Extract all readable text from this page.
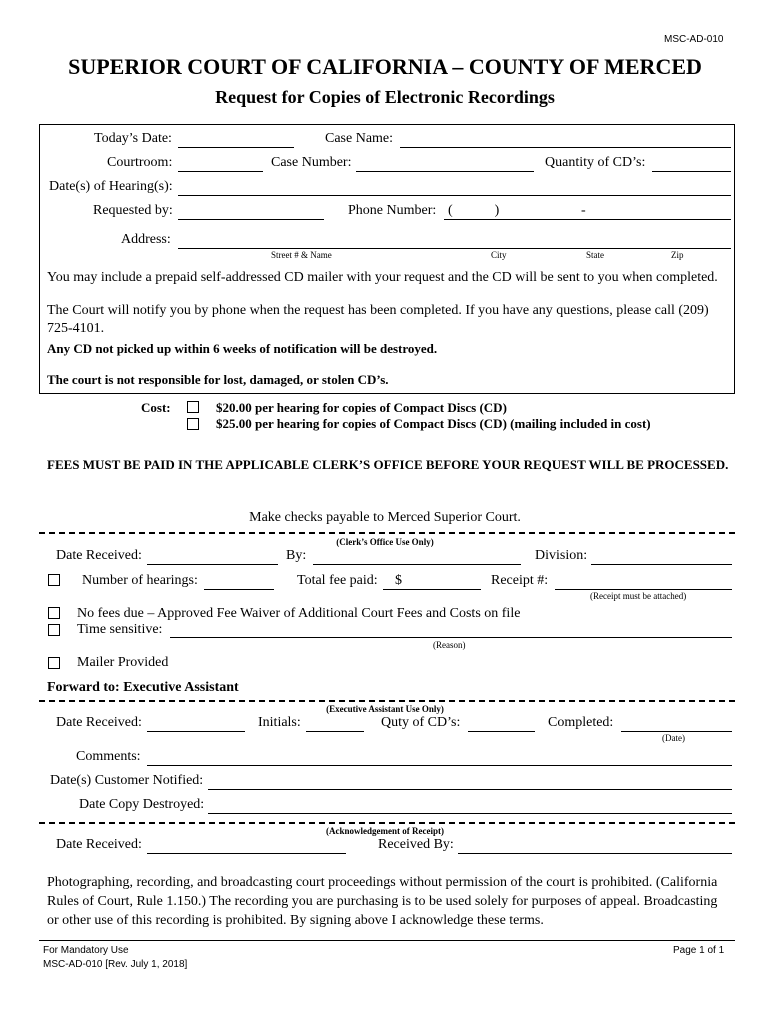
MSC-AD-010
SUPERIOR COURT OF CALIFORNIA – COUNTY OF MERCED
Request for Copies of Electronic Recordings
Today’s Date:	Case Name:
Courtroom:	Case Number:	Quantity of CD’s:
Date(s) of Hearing(s):
Requested by:	Phone Number: (            )	-
Address:
Street # & Name	City	State	Zip
You may include a prepaid self-addressed CD mailer with your request and the CD will be sent to you when completed.
The Court will notify you by phone when the request has been completed. If you have any questions, please call (209) 725-4101.
Any CD not picked up within 6 weeks of notification will be destroyed.
The court is not responsible for lost, damaged, or stolen CD’s.
Cost:	$20.00 per hearing for copies of Compact Discs (CD)
$25.00 per hearing for copies of Compact Discs (CD) (mailing included in cost)
FEES MUST BE PAID IN THE APPLICABLE CLERK’S OFFICE BEFORE YOUR REQUEST WILL BE PROCESSED.
Make checks payable to Merced Superior Court.
(Clerk’s Office Use Only)
Date Received:	By:	Division:
Number of hearings:	Total fee paid: $	Receipt #:
(Receipt must be attached)
No fees due – Approved Fee Waiver of Additional Court Fees and Costs on file
Time sensitive:
(Reason)
Mailer Provided
Forward to: Executive Assistant
(Executive Assistant Use Only)
Date Received:	Initials:	Quty of CD’s:	Completed:
(Date)
Comments:
Date(s) Customer Notified:
Date Copy Destroyed:
(Acknowledgement of Receipt)
Date Received:	Received By:
Photographing, recording, and broadcasting court proceedings without permission of the court is prohibited. (California Rules of Court, Rule 1.150.) The recording you are purchasing is to be used solely for purposes of appeal. Broadcasting or other use of this recording is prohibited. By signing above I acknowledge these terms.
For Mandatory Use
MSC-AD-010 [Rev. July 1, 2018]
Page 1 of 1
